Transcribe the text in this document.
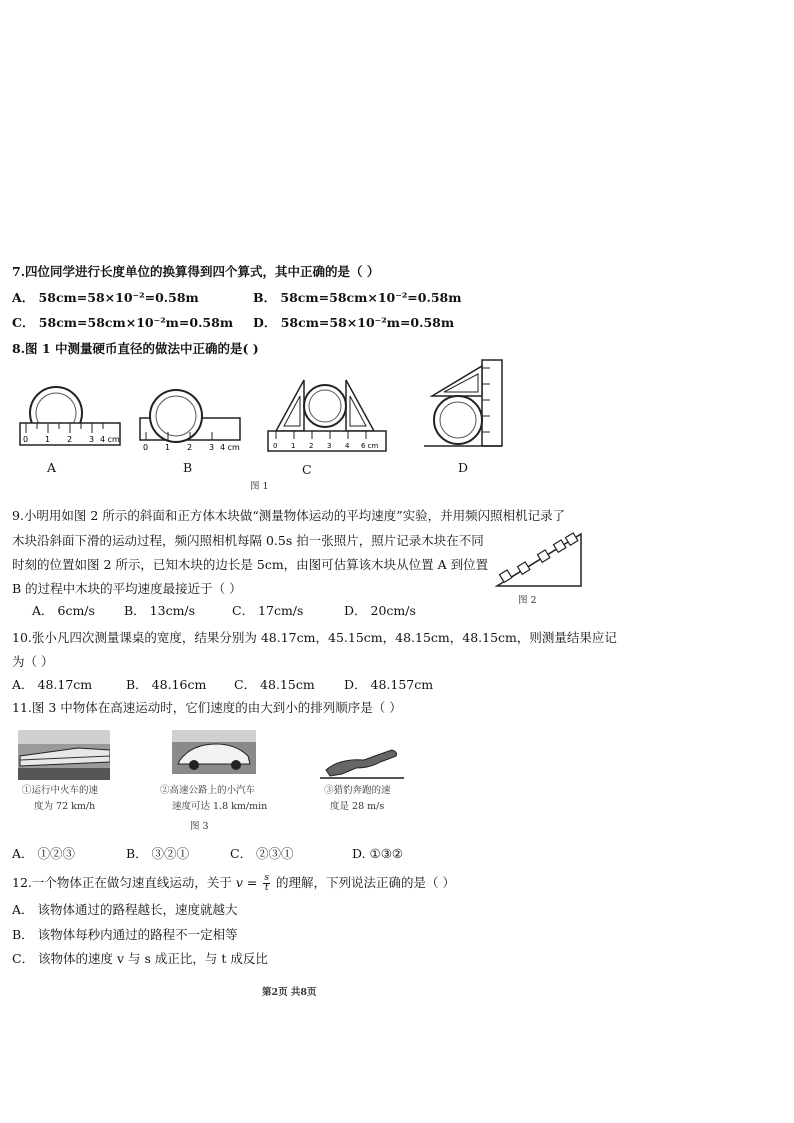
7.四位同学进行长度单位的换算得到四个算式，其中正确的是（ ）
A． 58cm=58×10⁻²=0.58m	B． 58cm=58cm×10⁻²=0.58m
C． 58cm=58cm×10⁻²m=0.58m D． 58cm=58×10⁻²m=0.58m
8.图 1 中测量硬币直径的做法中正确的是( )
0 1 2 3 4 cm
A
0 1 2 3 4 cm
B
0 1 2 3 4 6 cm
C	D
图 1
9.小明用如图 2 所示的斜面和正方体木块做“测量物体运动的平均速度”实验，并用频闪照相机记录了
木块沿斜面下滑的运动过程，频闪照相机每隔 0.5s 拍一张照片，照片记录木块在不同
时刻的位置如图 2 所示，已知木块的边长是 5cm，由图可估算该木块从位置 A 到位置
B 的过程中木块的平均速度最接近于（ ）
A． 6cm/s B． 13cm/s	C． 17cm/s	D． 20cm/s
图 2
10.张小凡四次测量课桌的宽度，结果分别为 48.17cm，45.15cm，48.15cm，48.15cm，则测量结果应记
为（ ）
A． 48.17cm	B． 48.16cm C． 48.15cm D． 48.157cm
11.图 3 中物体在高速运动时，它们速度的由大到小的排列顺序是（ ）
①运行中火车的速
度为 72 km/h
②高速公路上的小汽车
速度可达 1.8 km/min
③猎豹奔跑的速
度是 28 m/s
图 3
A． ①②③	B． ③②①	C． ②③①	D. ①③②
12.一个物体正在做匀速直线运动，关于 $v = \frac{s}{t}$ 的理解，下列说法正确的是（ ）
A． 该物体通过的路程越长，速度就越大
B． 该物体每秒内通过的路程不一定相等
C． 该物体的速度 v 与 s 成正比，与 t 成反比
第2页 共8页
